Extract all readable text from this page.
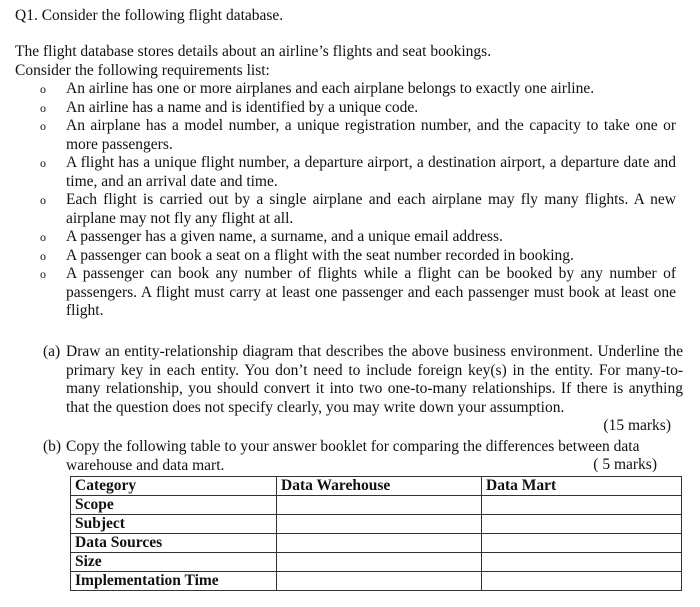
Q1. Consider the following flight database.
The flight database stores details about an airline’s flights and seat bookings.
Consider the following requirements list:
o An airline has one or more airplanes and each airplane belongs to exactly one airline.
o An airline has a name and is identified by a unique code.
o An airplane has a model number, a unique registration number, and the capacity to take one or more passengers.
o A flight has a unique flight number, a departure airport, a destination airport, a departure date and time, and an arrival date and time.
o Each flight is carried out by a single airplane and each airplane may fly many flights. A new airplane may not fly any flight at all.
o A passenger has a given name, a surname, and a unique email address.
o A passenger can book a seat on a flight with the seat number recorded in booking.
o A passenger can book any number of flights while a flight can be booked by any number of passengers. A flight must carry at least one passenger and each passenger must book at least one flight.
(a) Draw an entity-relationship diagram that describes the above business environment. Underline the primary key in each entity. You don’t need to include foreign key(s) in the entity. For many-to-many relationship, you should convert it into two one-to-many relationships. If there is anything that the question does not specify clearly, you may write down your assumption.
(15 marks)
(b) Copy the following table to your answer booklet for comparing the differences between data warehouse and data mart.	( 5 marks)
Category	Data Warehouse	Data Mart
Scope		
Subject		
Data Sources		
Size		
Implementation Time		
